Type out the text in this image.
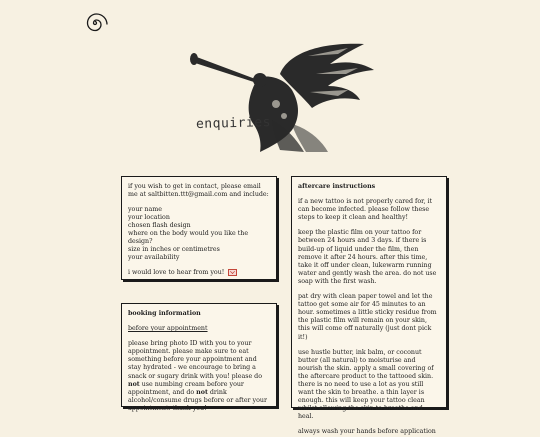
enquiries

if you wish to get in contact, please email me at saltbitten.ttt@gmail.com and include:

your name
your location
chosen flash design
where on the body would you like the design?
size in inches or centimetres
your availability

i would love to hear from you!

booking information

before your appointment

please bring photo ID with you to your appointment. please make sure to eat something before your appointment and stay hydrated - we encourage to bring a snack or sugary drink with you! please do not use numbing cream before your appointment, and do not drink alcohol/consume drugs before or after your appointment. thank you!

aftercare instructions

if a new tattoo is not properly cared for, it can become infected. please follow these steps to keep it clean and healthy!

keep the plastic film on your tattoo for between 24 hours and 3 days. if there is build-up of liquid under the film, then remove it after 24 hours. after this time, take it off under clean, lukewarm running water and gently wash the area. do not use soap with the first wash.

pat dry with clean paper towel and let the tattoo get some air for 45 minutes to an hour. sometimes a little sticky residue from the plastic film will remain on your skin, this will come off naturally (just dont pick it!)

use hustle butter, ink balm, or coconut butter (all natural) to moisturise and nourish the skin. apply a small covering of the aftercare product to the tattooed skin. there is no need to use a lot as you still want the skin to breathe. a thin layer is enough. this will keep your tattoo clean whilst allowing the skin to breathe and heal.

always wash your hands before application
